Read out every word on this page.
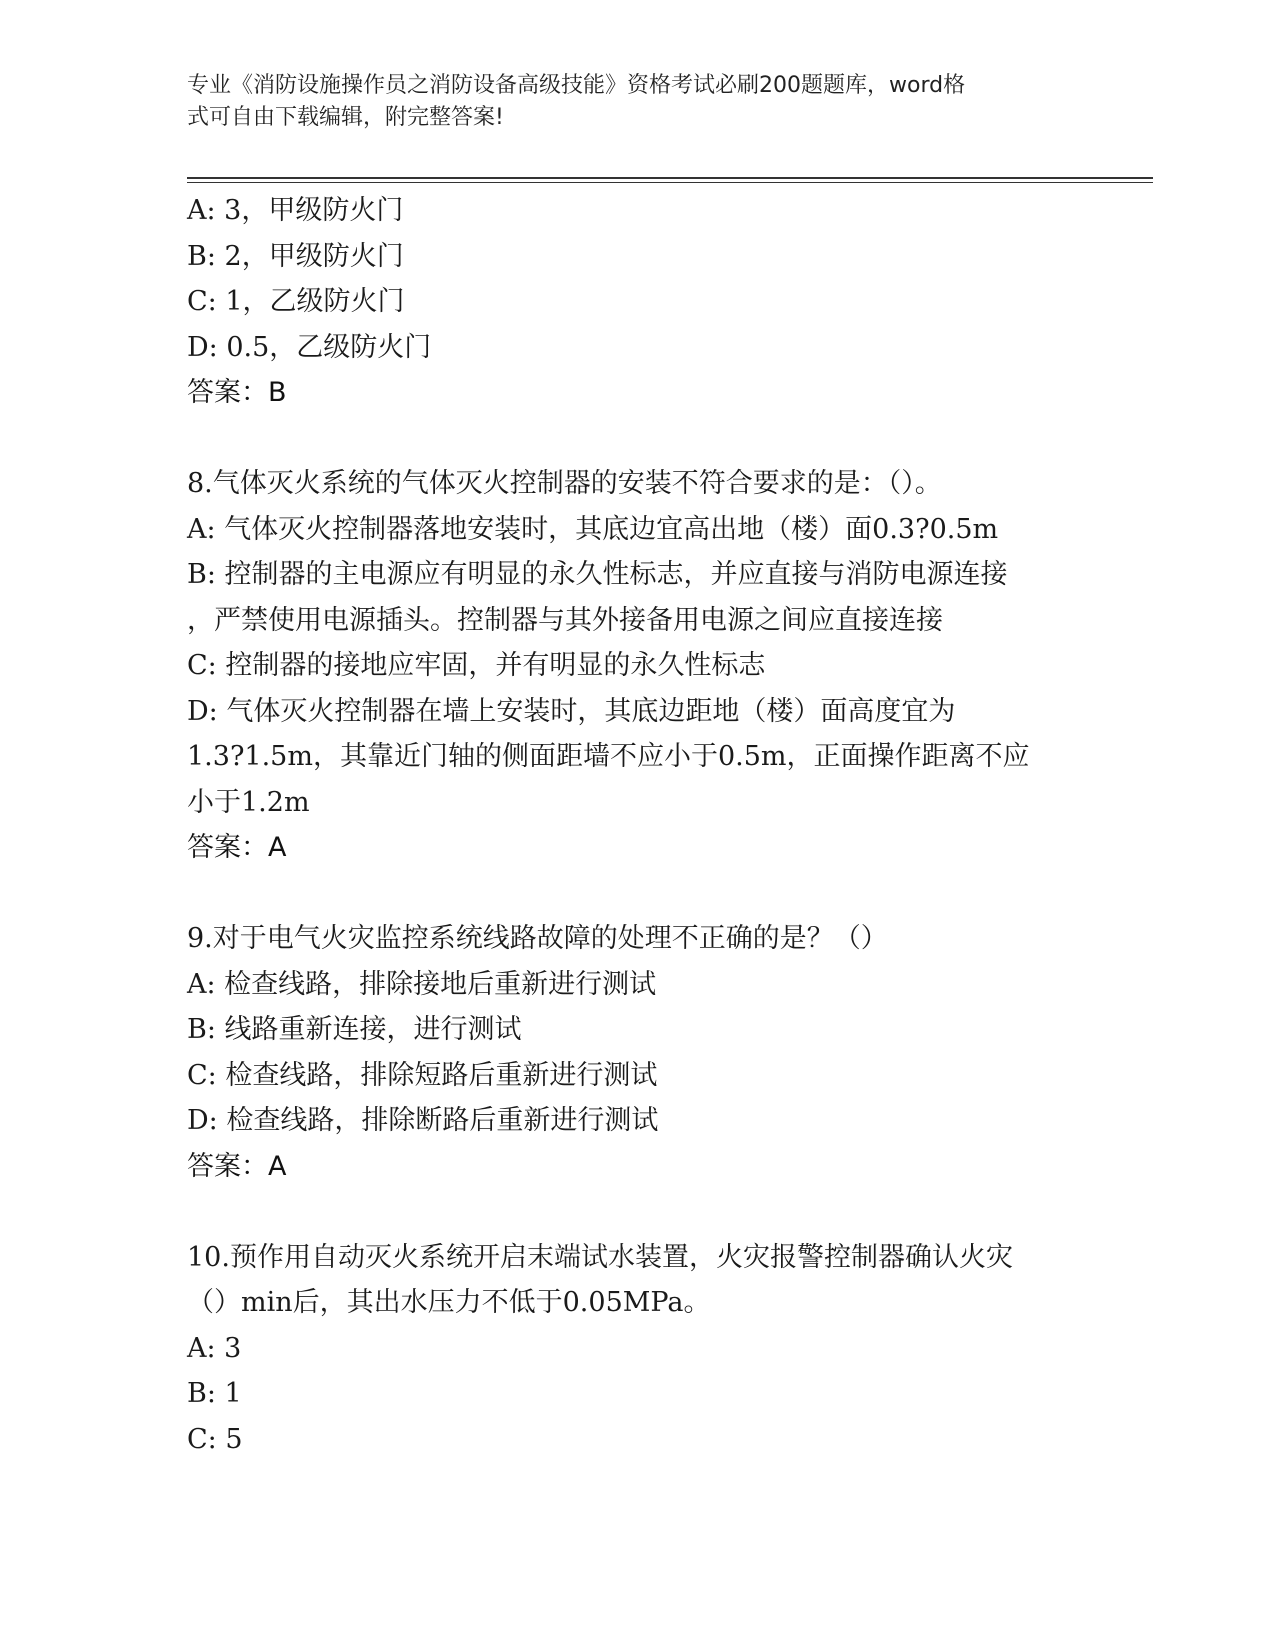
专业《消防设施操作员之消防设备高级技能》资格考试必刷200题题库，word格
式可自由下载编辑，附完整答案!
A: 3，甲级防火门
B: 2，甲级防火门
C: 1，乙级防火门
D: 0.5，乙级防火门
答案：B
8.气体灭火系统的气体灭火控制器的安装不符合要求的是：（）。
A: 气体灭火控制器落地安装时，其底边宜高出地（楼）面0.3?0.5m
B: 控制器的主电源应有明显的永久性标志，并应直接与消防电源连接
，严禁使用电源插头。控制器与其外接备用电源之间应直接连接
C: 控制器的接地应牢固，并有明显的永久性标志
D: 气体灭火控制器在墙上安装时，其底边距地（楼）面高度宜为
1.3?1.5m，其靠近门轴的侧面距墙不应小于0.5m，正面操作距离不应
小于1.2m
答案：A
9.对于电气火灾监控系统线路故障的处理不正确的是？（）
A: 检查线路，排除接地后重新进行测试
B: 线路重新连接，进行测试
C: 检查线路，排除短路后重新进行测试
D: 检查线路，排除断路后重新进行测试
答案：A
10.预作用自动灭火系统开启末端试水装置，火灾报警控制器确认火灾
（）min后，其出水压力不低于0.05MPa。
A: 3
B: 1
C: 5
